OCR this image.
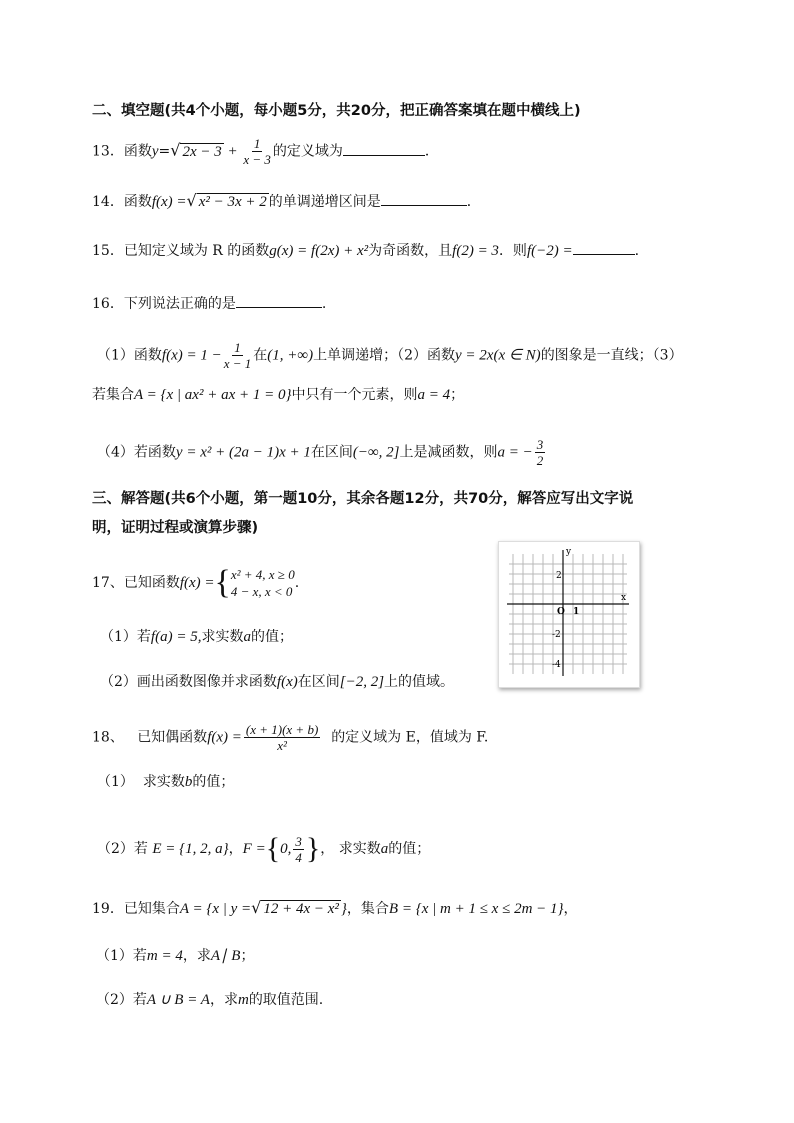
二、填空题(共4个小题，每小题5分，共20分，把正确答案填在题中横线上)
13．函数y=√ $2x - 3 + \frac{1}{x - 3}$ 的定义域为	．
14．函数f(x) =√ x² − 3x + 2 的单调递增区间是	．
15．已知定义域为 R 的函数g(x) = f(2x) + x²为奇函数，且f(2) = 3．则f(−2) =	.
16．下列说法正确的是	.
（1）函数$f(x) = 1 - \frac{1}{x - 1}$ 在(1, +∞)上单调递增；（2）函数y = 2x(x ∈ N)的图象是一直线；（3）
若集合A = {x | ax² + ax + 1 = 0}中只有一个元素，则a = 4；
（4）若函数y = x² + (2a − 1)x + 1在区间(−∞, 2]上是减函数，则a = − $\frac{3}{2}$
三、解答题(共6个小题，第一题10分，其余各题12分，共70分，解答应写出文字说
明，证明过程或演算步骤)
17、已知函数f(x) ={ x² + 4, x ≥ 0
4 − x, x < 0
.
（1）若f(a) = 5,求实数a的值；
（2）画出函数图像并求函数f(x)在区间[−2, 2]上的值域。
x
y
O 1
2
-2
-4
18、 已知偶函数$f(x) = \frac{(x + 1)(x + b)}{\text{x²}}$ 的定义域为 E，值域为 F.
（1） 求实数b的值；
（2）若 E = {1, 2, a}，F ={0, $\frac{3}{4}$ }， 求实数a的值；
19．已知集合A = {x | y =√ 12 + 4x − x² }，集合B = {x | m + 1 ≤ x ≤ 2m − 1}，
（1）若m = 4，求A∣ B；
（2）若A ∪ B = A，求m的取值范围.
